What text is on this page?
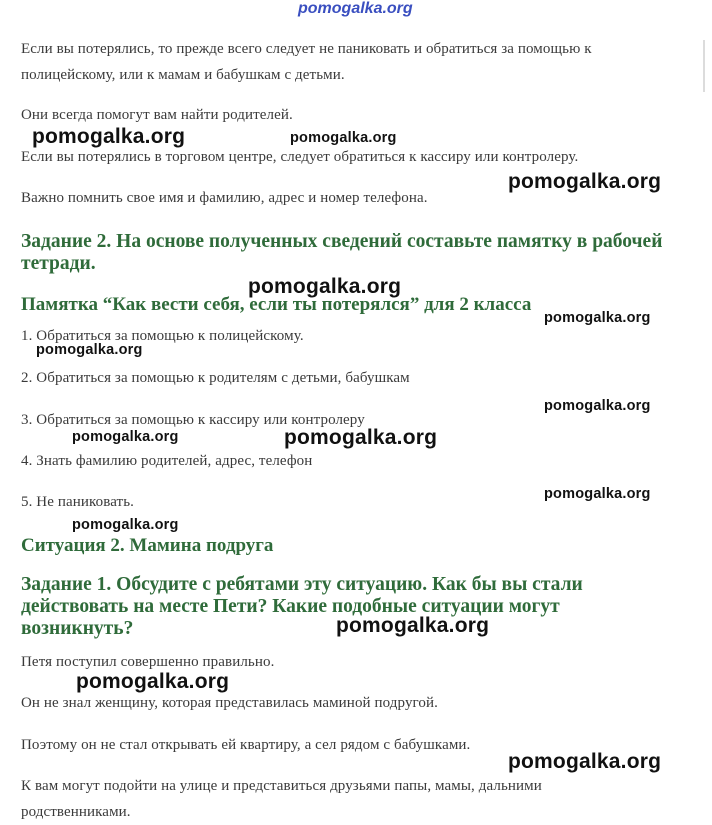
pomogalka.org

Если вы потерялись, то прежде всего следует не паниковать и обратиться за помощью к полицейскому, или к мамам и бабушкам с детьми.

Они всегда помогут вам найти родителей.

Если вы потерялись в торговом центре, следует обратиться к кассиру или контролеру.

Важно помнить свое имя и фамилию, адрес и номер телефона.

Задание 2. На основе полученных сведений составьте памятку в рабочей тетради.
Памятка “Как вести себя, если ты потерялся” для 2 класса

1. Обратиться за помощью к полицейскому.

2. Обратиться за помощью к родителям с детьми, бабушкам

3. Обратиться за помощью к кассиру или контролеру

4. Знать фамилию родителей, адрес, телефон

5. Не паниковать.

Ситуация 2. Мамина подруга
Задание 1. Обсудите с ребятами эту ситуацию. Как бы вы стали действовать на месте Пети? Какие подобные ситуации могут возникнуть?

Петя поступил совершенно правильно.

Он не знал женщину, которая представилась маминой подругой.

Поэтому он не стал открывать ей квартиру, а сел рядом с бабушками.

К вам могут подойти на улице и представиться друзьями папы, мамы, дальними родственниками.

pomogalka.org	pomogalka.org
pomogalka.org
pomogalka.org
pomogalka.org
pomogalka.org
pomogalka.org
pomogalka.org	pomogalka.org
pomogalka.org
pomogalka.org
pomogalka.org
pomogalka.org
pomogalka.org
